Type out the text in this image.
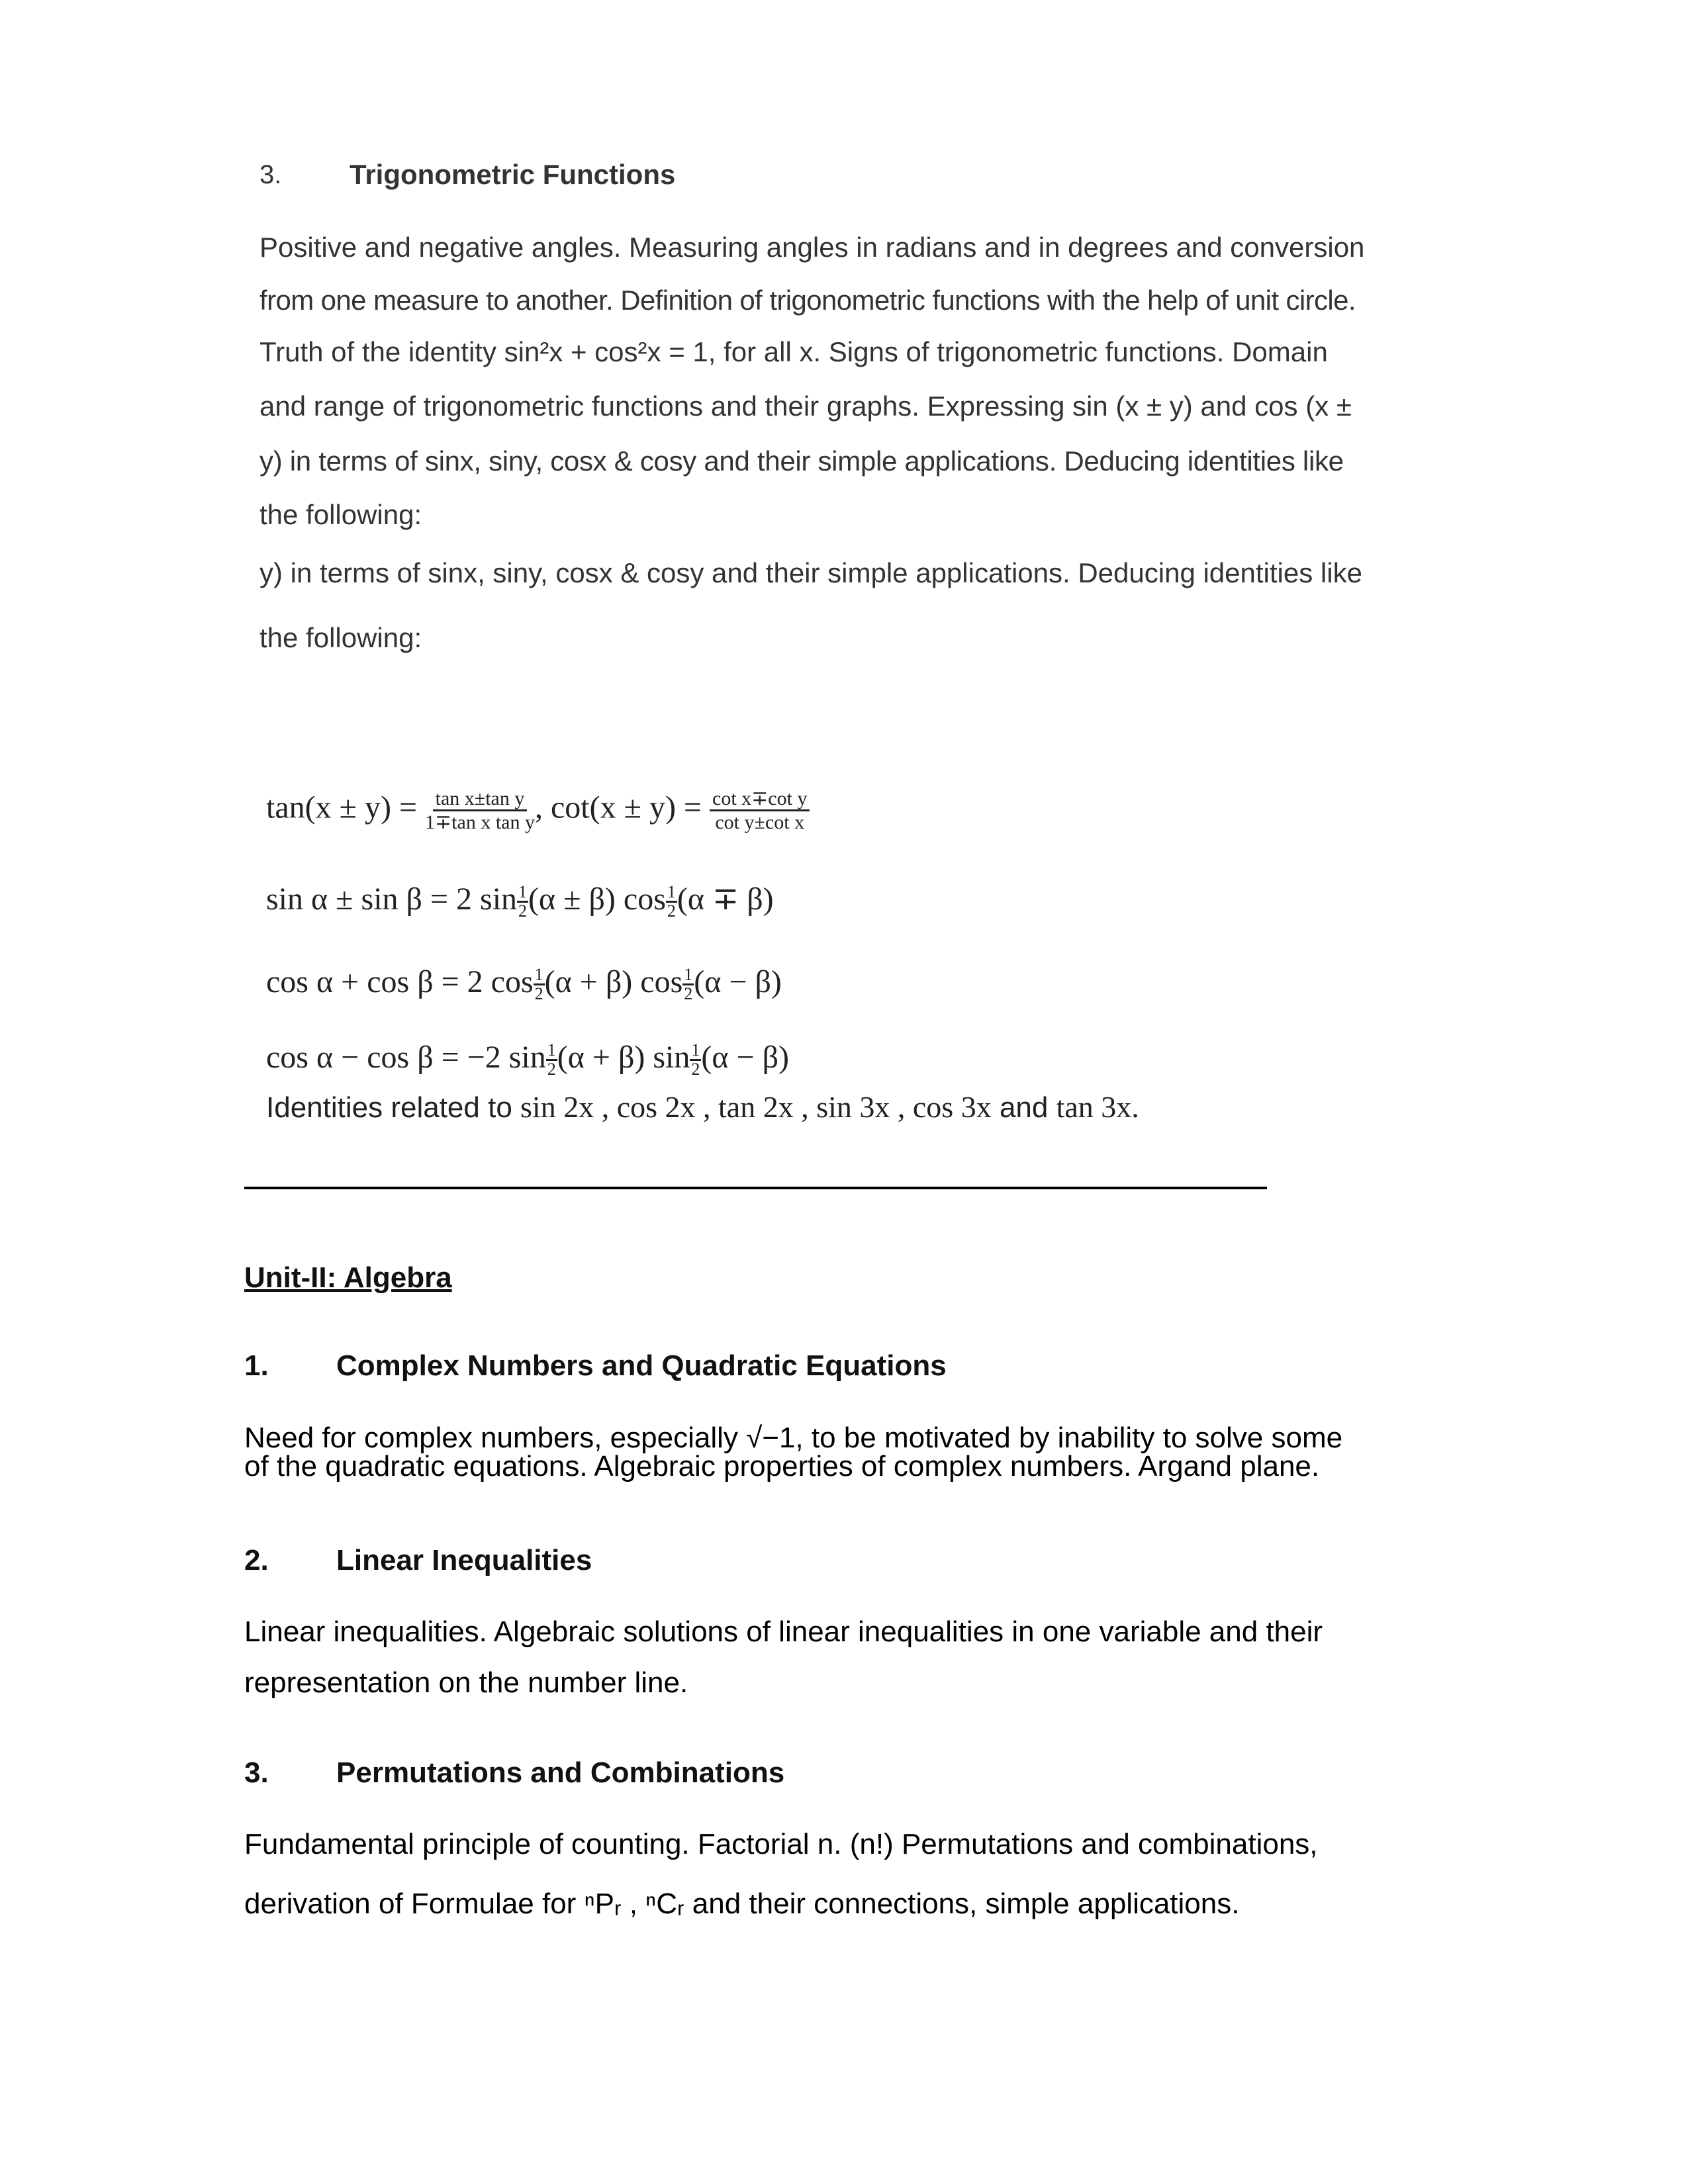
3. Trigonometric Functions
Positive and negative angles. Measuring angles in radians and in degrees and conversion
from one measure to another. Definition of trigonometric functions with the help of unit circle.
Truth of the identity sin²x + cos²x = 1, for all x. Signs of trigonometric functions. Domain
and range of trigonometric functions and their graphs. Expressing sin (x ± y) and cos (x ±
y) in terms of sinx, siny, cosx & cosy and their simple applications. Deducing identities like
the following:
y) in terms of sinx, siny, cosx & cosy and their simple applications. Deducing identities like
the following:
$\tan(x \pm y) = \frac{\text{tan x±tan y}}{\text{1∓tan x tan y}}$ , $\cot(x \pm y) = \frac{\text{cot x∓cot y}}{\text{cot y±cot x}}$
sin α ± sin β = 2 $\sin \frac{1}{2} (\alpha \pm \beta)$ $\cos \frac{1}{2} (\alpha \mp \beta)$
cos α + cos β = 2 $\cos \frac{1}{2} (\alpha + \beta)$ $\cos \frac{1}{2} (\alpha - \beta)$
cos α − cos β = −2 $\sin \frac{1}{2} (\alpha + \beta)$ $\sin \frac{1}{2} (\alpha - \beta)$
Identities related to sin 2x , cos 2x , tan 2x , sin 3x , cos 3x and tan 3x.
Unit-II: Algebra
1. Complex Numbers and Quadratic Equations
Need for complex numbers, especially √−1, to be motivated by inability to solve some
of the quadratic equations. Algebraic properties of complex numbers. Argand plane.
2. Linear Inequalities
Linear inequalities. Algebraic solutions of linear inequalities in one variable and their
representation on the number line.
3. Permutations and Combinations
Fundamental principle of counting. Factorial n. (n!) Permutations and combinations,
derivation of Formulae for ⁿPᵣ , ⁿCᵣ and their connections, simple applications.
